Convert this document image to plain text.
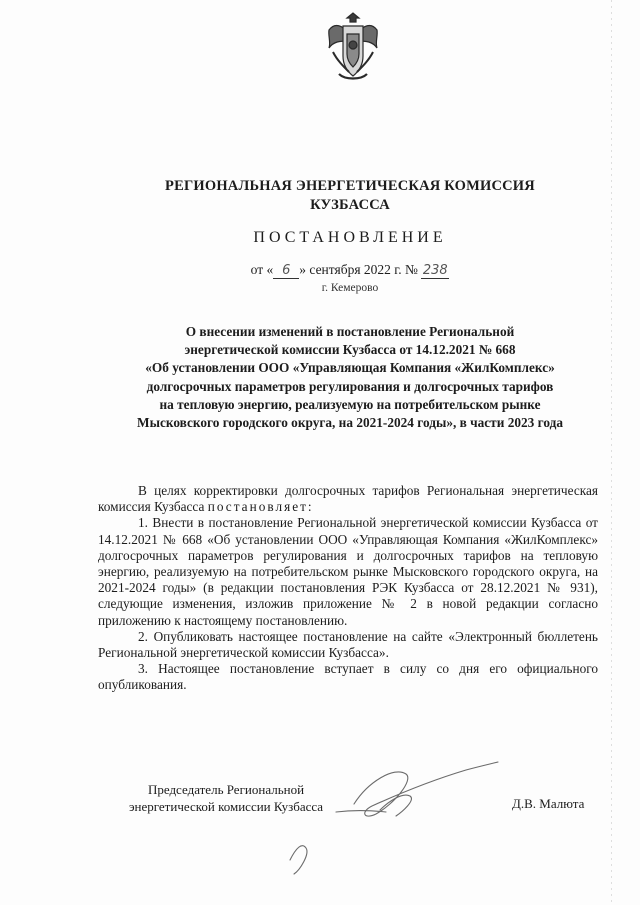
РЕГИОНАЛЬНАЯ ЭНЕРГЕТИЧЕСКАЯ КОМИССИЯ
КУЗБАССА
ПОСТАНОВЛЕНИЕ
от « 6 » сентября 2022 г. № 238
г. Кемерово
О внесении изменений в постановление Региональной
энергетической комиссии Кузбасса от 14.12.2021 № 668
«Об установлении ООО «Управляющая Компания «ЖилКомплекс»
долгосрочных параметров регулирования и долгосрочных тарифов
на тепловую энергию, реализуемую на потребительском рынке
Мысковского городского округа, на 2021-2024 годы», в части 2023 года

В целях корректировки долгосрочных тарифов Региональная энергетическая комиссия Кузбасса постановляет:

1. Внести в постановление Региональной энергетической комиссии Кузбасса от 14.12.2021 № 668 «Об установлении ООО «Управляющая Компания «ЖилКомплекс» долгосрочных параметров регулирования и долгосрочных тарифов на тепловую энергию, реализуемую на потребительском рынке Мысковского городского округа, на 2021-2024 годы» (в редакции постановления РЭК Кузбасса от 28.12.2021 № 931), следующие изменения, изложив приложение № 2 в новой редакции согласно приложению к настоящему постановлению.

2. Опубликовать настоящее постановление на сайте «Электронный бюллетень Региональной энергетической комиссии Кузбасса».

3. Настоящее постановление вступает в силу со дня его официального опубликования.

Председатель Региональной
энергетической комиссии Кузбасса	Д.В. Малюта
